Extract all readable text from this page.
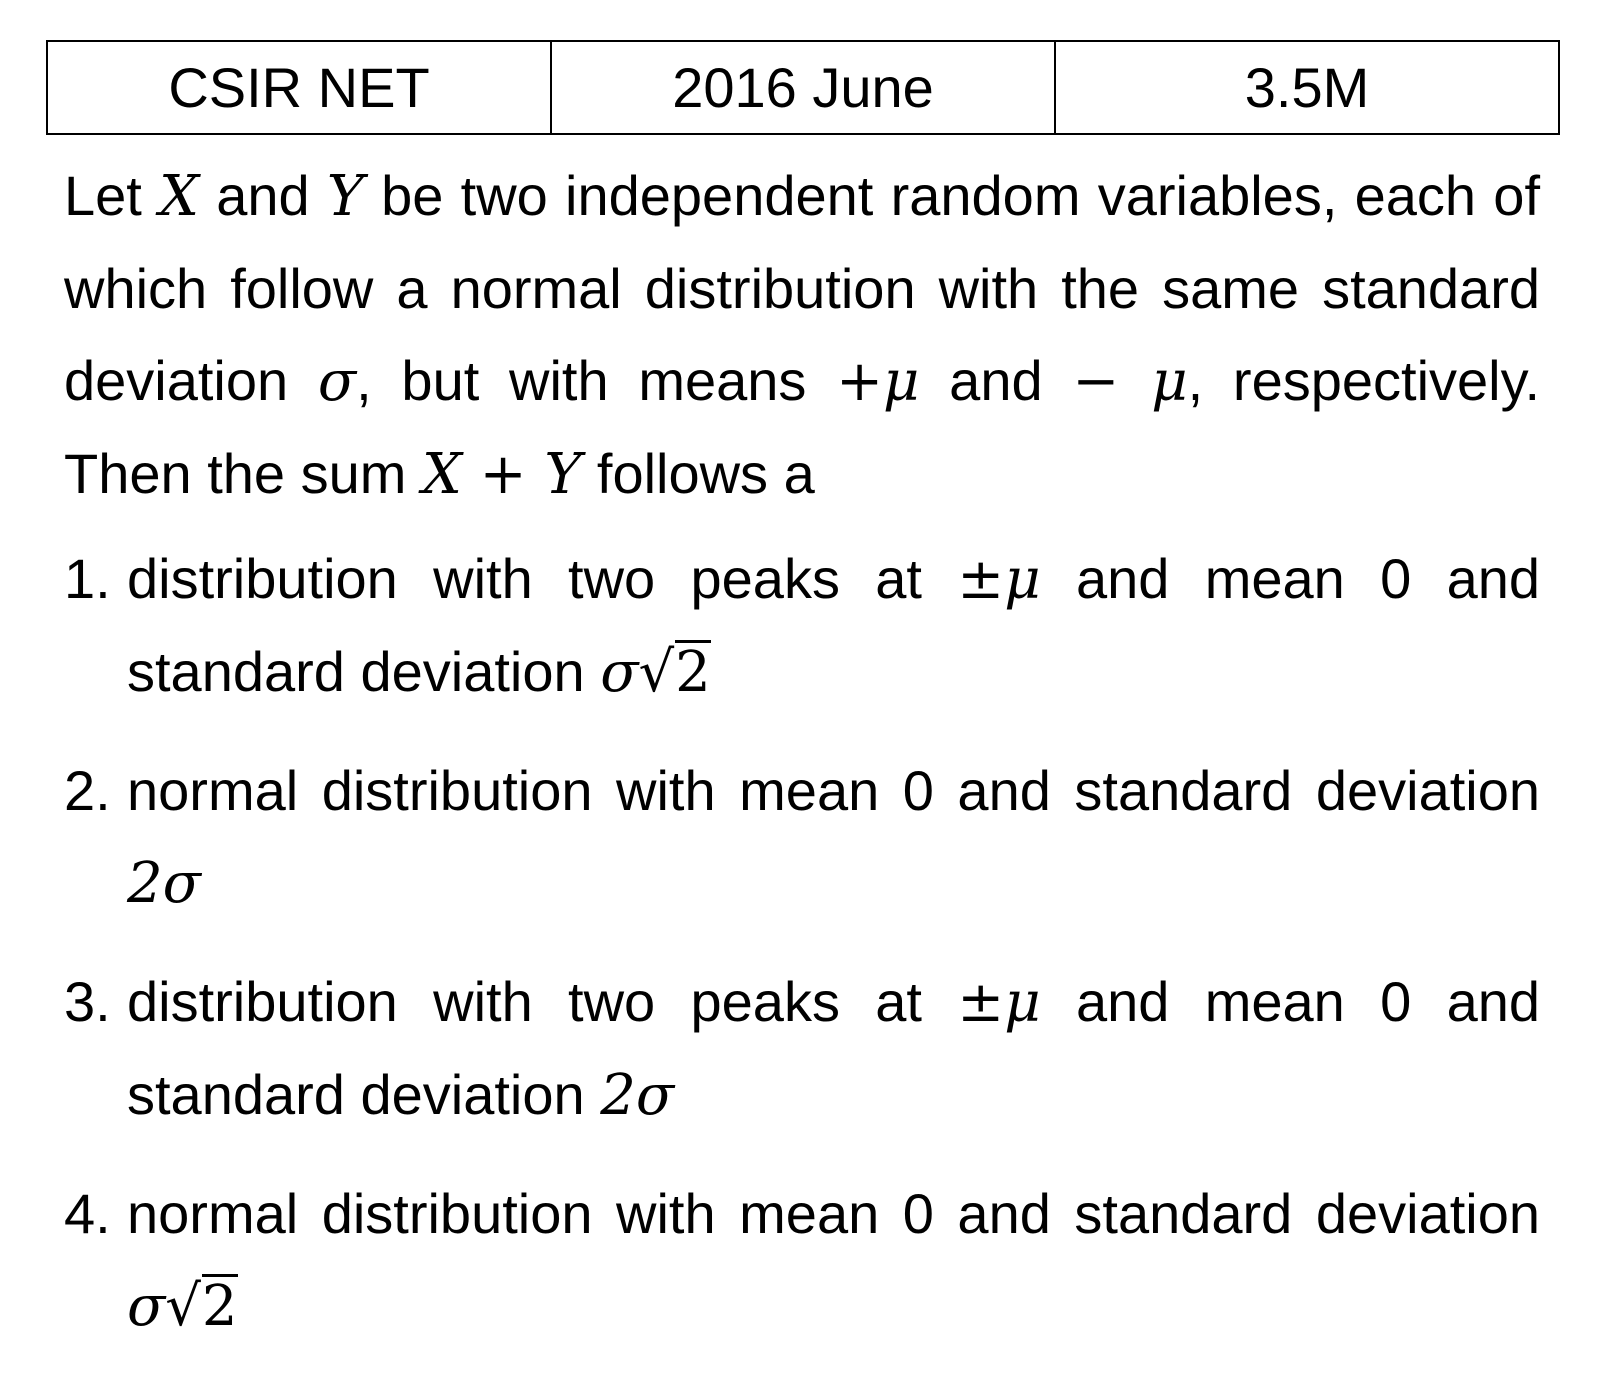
CSIR NET	2016 June	3.5M

Let X and Y be two independent random variables, each of which follow a normal distribution with the same standard deviation σ, but with means +μ and − μ, respectively. Then the sum X + Y follows a

1. distribution with two peaks at ±μ and mean 0 and standard deviation σ√2
2. normal distribution with mean 0 and standard deviation 2σ
3. distribution with two peaks at ±μ and mean 0 and standard deviation 2σ
4. normal distribution with mean 0 and standard deviation σ√2
